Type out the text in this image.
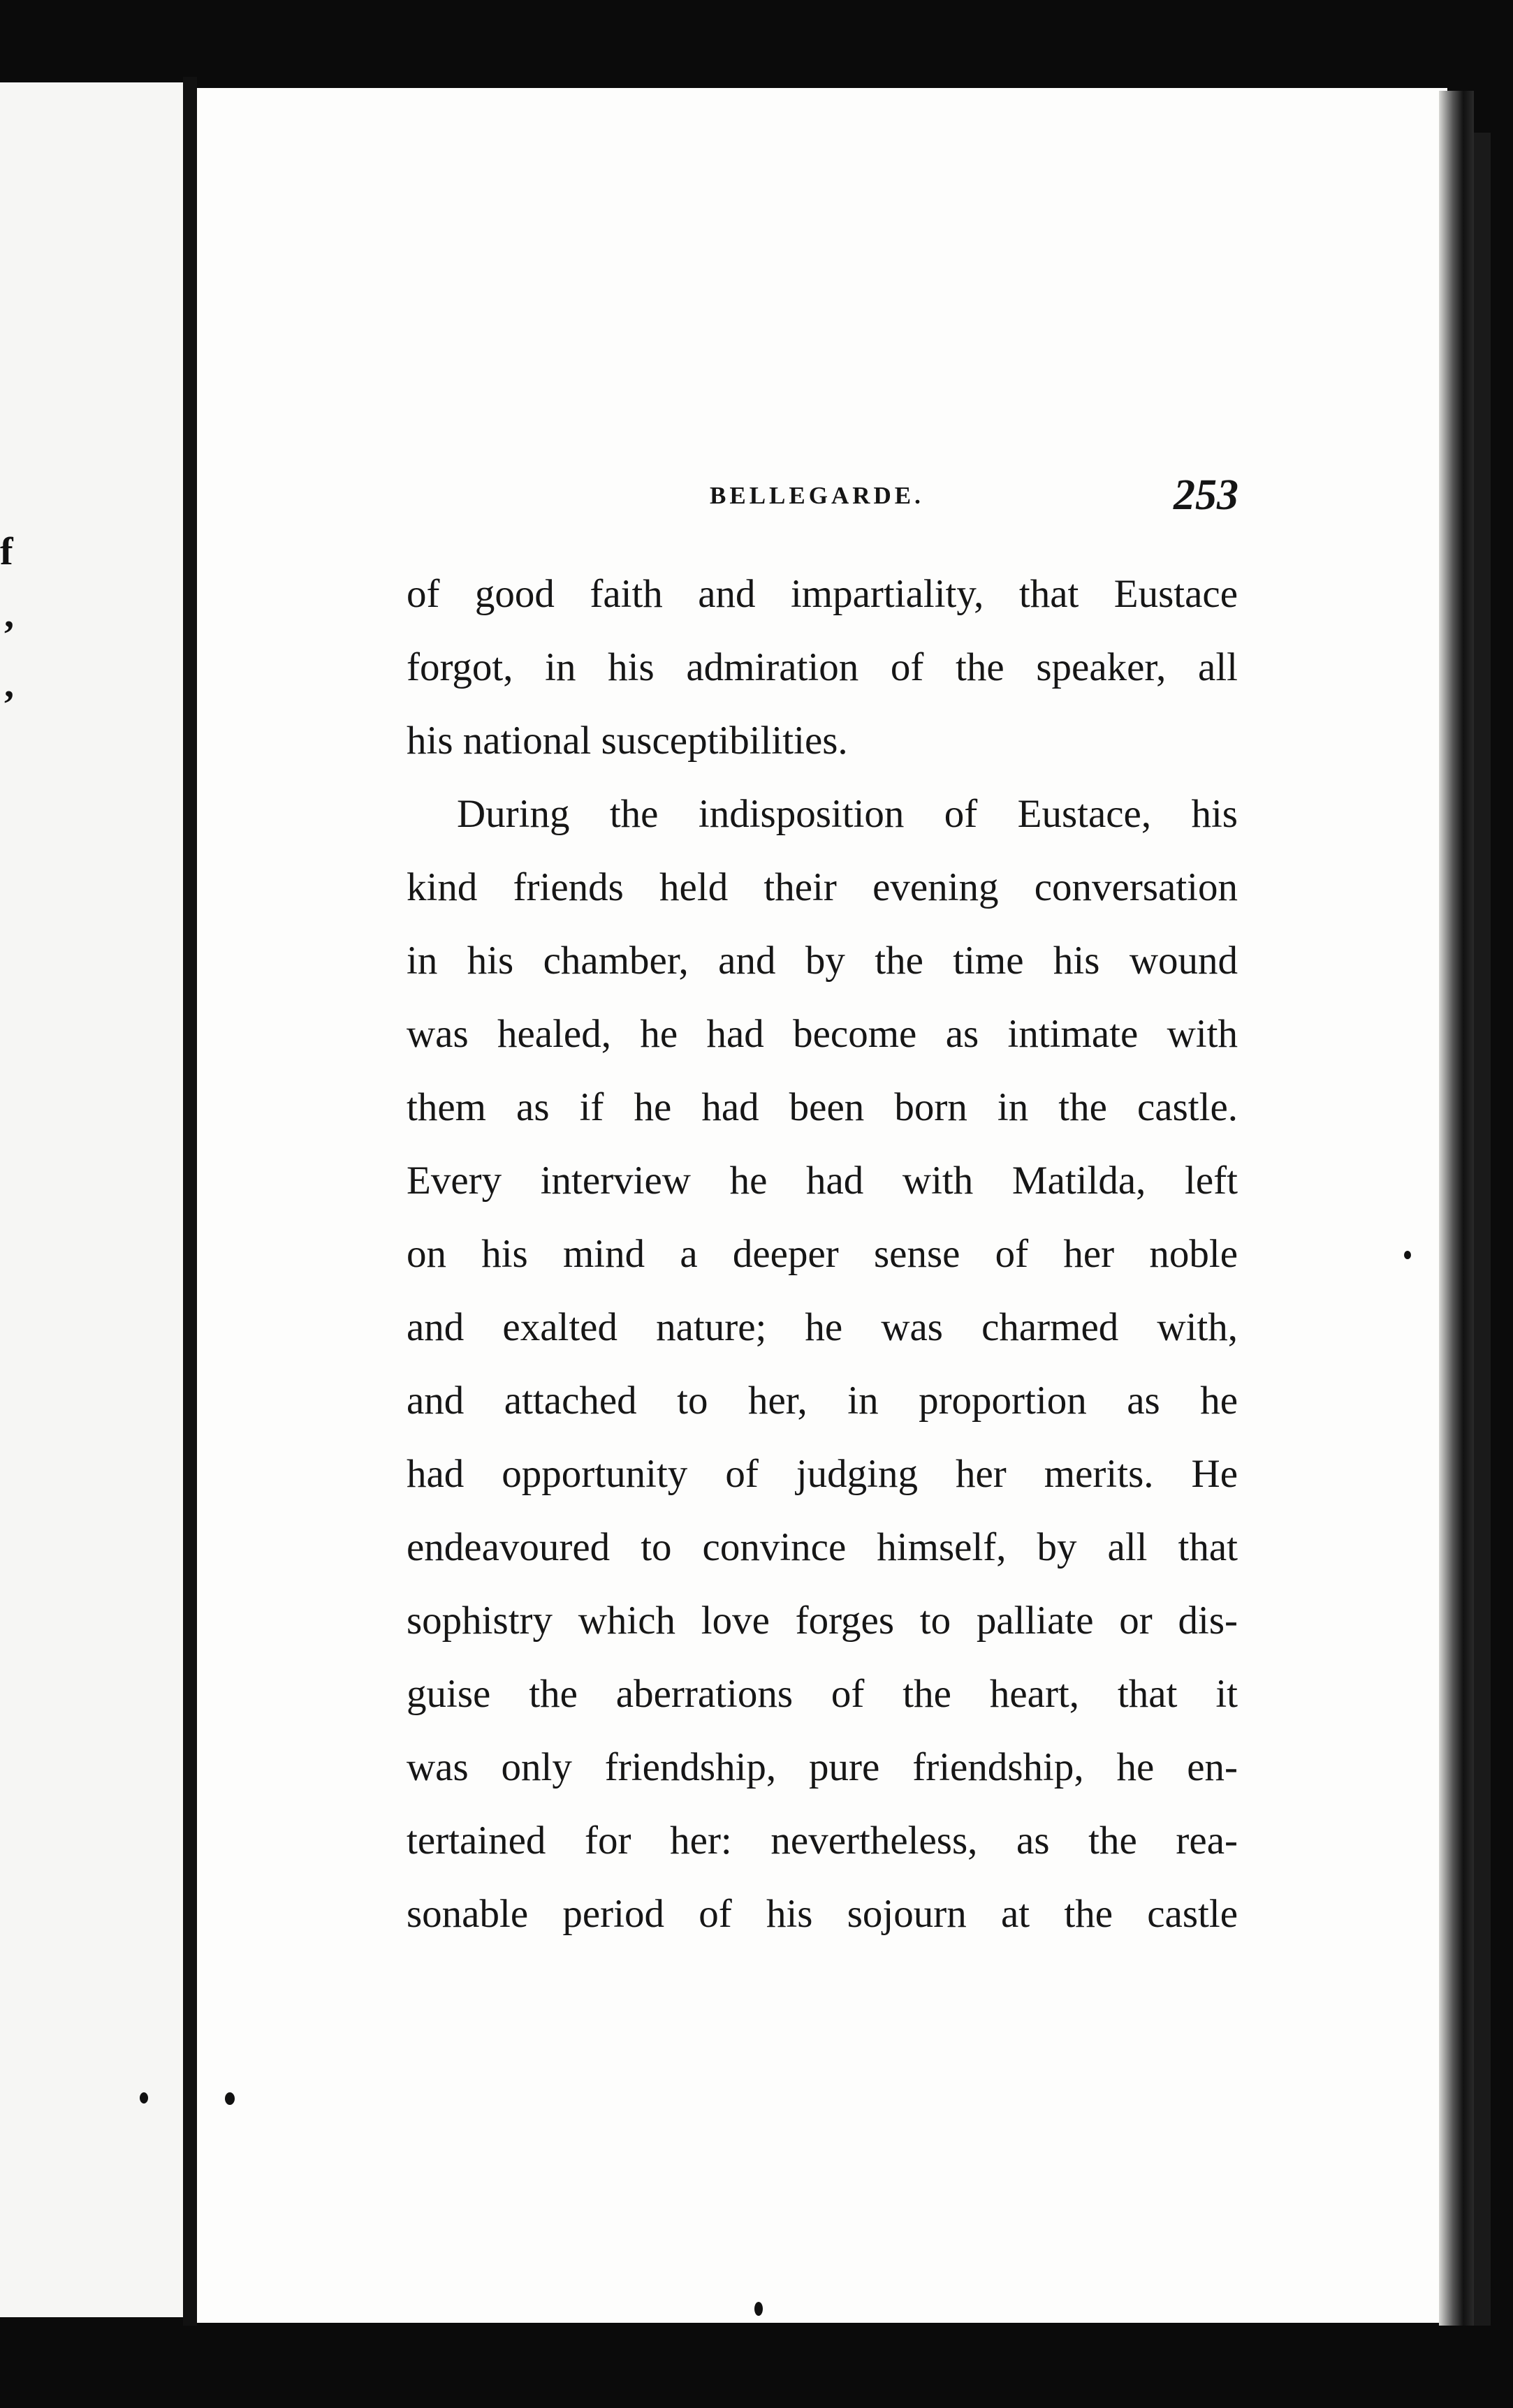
f
,
,
BELLEGARDE.	253
of good faith and impartiality, that Eustace
forgot, in his admiration of the speaker, all
his national susceptibilities.
During the indisposition of Eustace, his
kind friends held their evening conversation
in his chamber, and by the time his wound
was healed, he had become as intimate with
them as if he had been born in the castle.
Every interview he had with Matilda, left
on his mind a deeper sense of her noble
and exalted nature; he was charmed with,
and attached to her, in proportion as he
had opportunity of judging her merits. He
endeavoured to convince himself, by all that
sophistry which love forges to palliate or dis-
guise the aberrations of the heart, that it
was only friendship, pure friendship, he en-
tertained for her: nevertheless, as the rea-
sonable period of his sojourn at the castle
